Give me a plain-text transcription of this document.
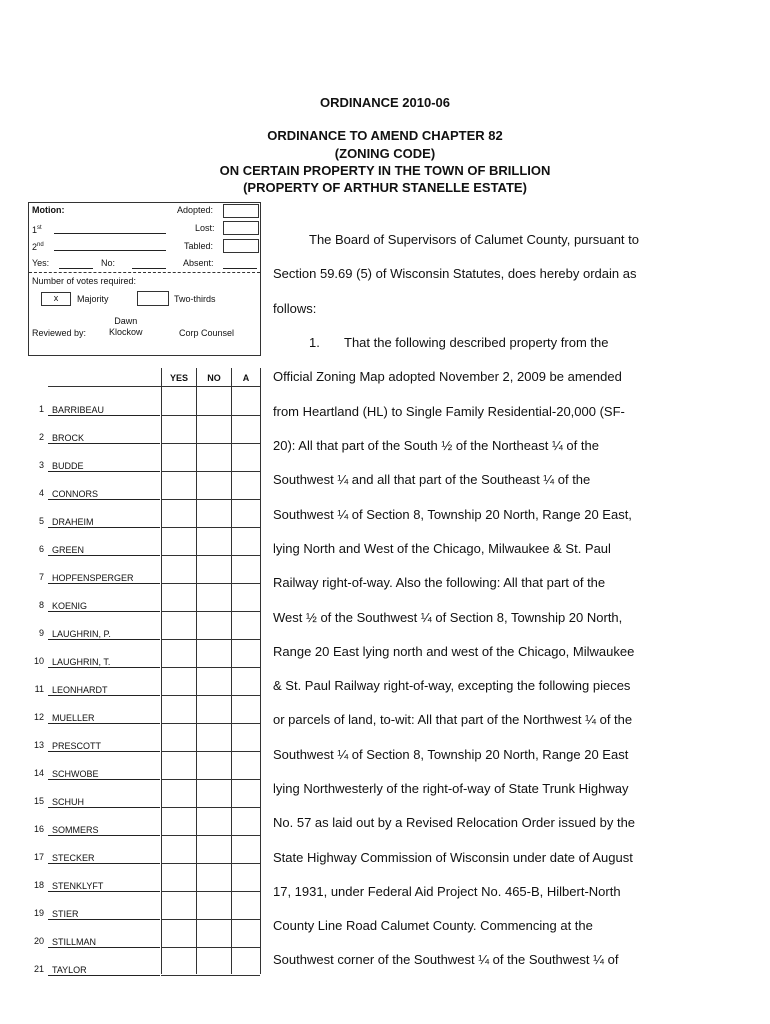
ORDINANCE 2010-06
ORDINANCE TO AMEND CHAPTER 82
(ZONING CODE)
ON CERTAIN PROPERTY IN THE TOWN OF BRILLION
(PROPERTY OF ARTHUR STANELLE ESTATE)
Motion:
1st
2nd
Adopted:
Lost:
Tabled:
Yes:	No:	Absent:
Number of votes required:
x	Majority	Two-thirds
Reviewed by:
Dawn
Klockow	Corp Counsel
YES	NO	A
1 BARRIBEAU
2 BROCK
3 BUDDE
4 CONNORS
5 DRAHEIM
6 GREEN
7 HOPFENSPERGER
8 KOENIG
9 LAUGHRIN, P.
10 LAUGHRIN, T.
11 LEONHARDT
12 MUELLER
13 PRESCOTT
14 SCHWOBE
15 SCHUH
16 SOMMERS
17 STECKER
18 STENKLYFT
19 STIER
20 STILLMAN
21 TAYLOR
The Board of Supervisors of Calumet County, pursuant to
Section 59.69 (5) of Wisconsin Statutes, does hereby ordain as
follows:
1. That the following described property from the
Official Zoning Map adopted November 2, 2009 be amended
from Heartland (HL) to Single Family Residential-20,000 (SF-
20): All that part of the South ½ of the Northeast ¼ of the
Southwest ¼ and all that part of the Southeast ¼ of the
Southwest ¼ of Section 8, Township 20 North, Range 20 East,
lying North and West of the Chicago, Milwaukee & St. Paul
Railway right-of-way. Also the following: All that part of the
West ½ of the Southwest ¼ of Section 8, Township 20 North,
Range 20 East lying north and west of the Chicago, Milwaukee
& St. Paul Railway right-of-way, excepting the following pieces
or parcels of land, to-wit: All that part of the Northwest ¼ of the
Southwest ¼ of Section 8, Township 20 North, Range 20 East
lying Northwesterly of the right-of-way of State Trunk Highway
No. 57 as laid out by a Revised Relocation Order issued by the
State Highway Commission of Wisconsin under date of August
17, 1931, under Federal Aid Project No. 465-B, Hilbert-North
County Line Road Calumet County. Commencing at the
Southwest corner of the Southwest ¼ of the Southwest ¼ of
